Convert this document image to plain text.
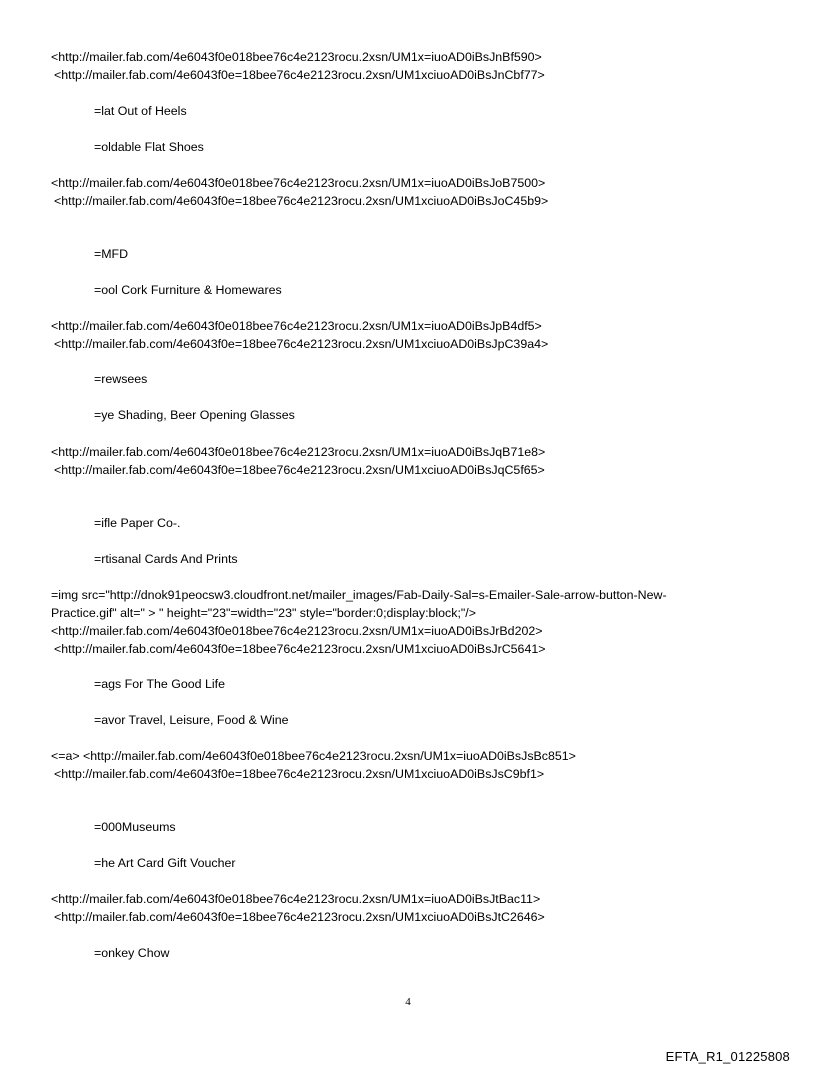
<http://mailer.fab.com/4e6043f0e018bee76c4e2123rocu.2xsn/UM1x=iuoAD0iBsJnBf590>
<http://mailer.fab.com/4e6043f0e=18bee76c4e2123rocu.2xsn/UM1xciuoAD0iBsJnCbf77>
=lat Out of Heels
=oldable Flat Shoes
<http://mailer.fab.com/4e6043f0e018bee76c4e2123rocu.2xsn/UM1x=iuoAD0iBsJoB7500>
<http://mailer.fab.com/4e6043f0e=18bee76c4e2123rocu.2xsn/UM1xciuoAD0iBsJoC45b9>
=MFD
=ool Cork Furniture & Homewares
<http://mailer.fab.com/4e6043f0e018bee76c4e2123rocu.2xsn/UM1x=iuoAD0iBsJpB4df5>
<http://mailer.fab.com/4e6043f0e=18bee76c4e2123rocu.2xsn/UM1xciuoAD0iBsJpC39a4>
=rewsees
=ye Shading, Beer Opening Glasses
<http://mailer.fab.com/4e6043f0e018bee76c4e2123rocu.2xsn/UM1x=iuoAD0iBsJqB71e8>
<http://mailer.fab.com/4e6043f0e=18bee76c4e2123rocu.2xsn/UM1xciuoAD0iBsJqC5f65>
=ifle Paper Co-.
=rtisanal Cards And Prints
=img src="http://dnok91peocsw3.cloudfront.net/mailer_images/Fab-Daily-Sal=s-Emailer-Sale-arrow-button-New-
Practice.gif" alt=" > " height="23"=width="23" style="border:0;display:block;"/>
<http://mailer.fab.com/4e6043f0e018bee76c4e2123rocu.2xsn/UM1x=iuoAD0iBsJrBd202>
<http://mailer.fab.com/4e6043f0e=18bee76c4e2123rocu.2xsn/UM1xciuoAD0iBsJrC5641>
=ags For The Good Life
=avor Travel, Leisure, Food & Wine
<=a> <http://mailer.fab.com/4e6043f0e018bee76c4e2123rocu.2xsn/UM1x=iuoAD0iBsJsBc851>
<http://mailer.fab.com/4e6043f0e=18bee76c4e2123rocu.2xsn/UM1xciuoAD0iBsJsC9bf1>
=000Museums
=he Art Card Gift Voucher
<http://mailer.fab.com/4e6043f0e018bee76c4e2123rocu.2xsn/UM1x=iuoAD0iBsJtBac11>
<http://mailer.fab.com/4e6043f0e=18bee76c4e2123rocu.2xsn/UM1xciuoAD0iBsJtC2646>
=onkey Chow
4
EFTA_R1_01225808
